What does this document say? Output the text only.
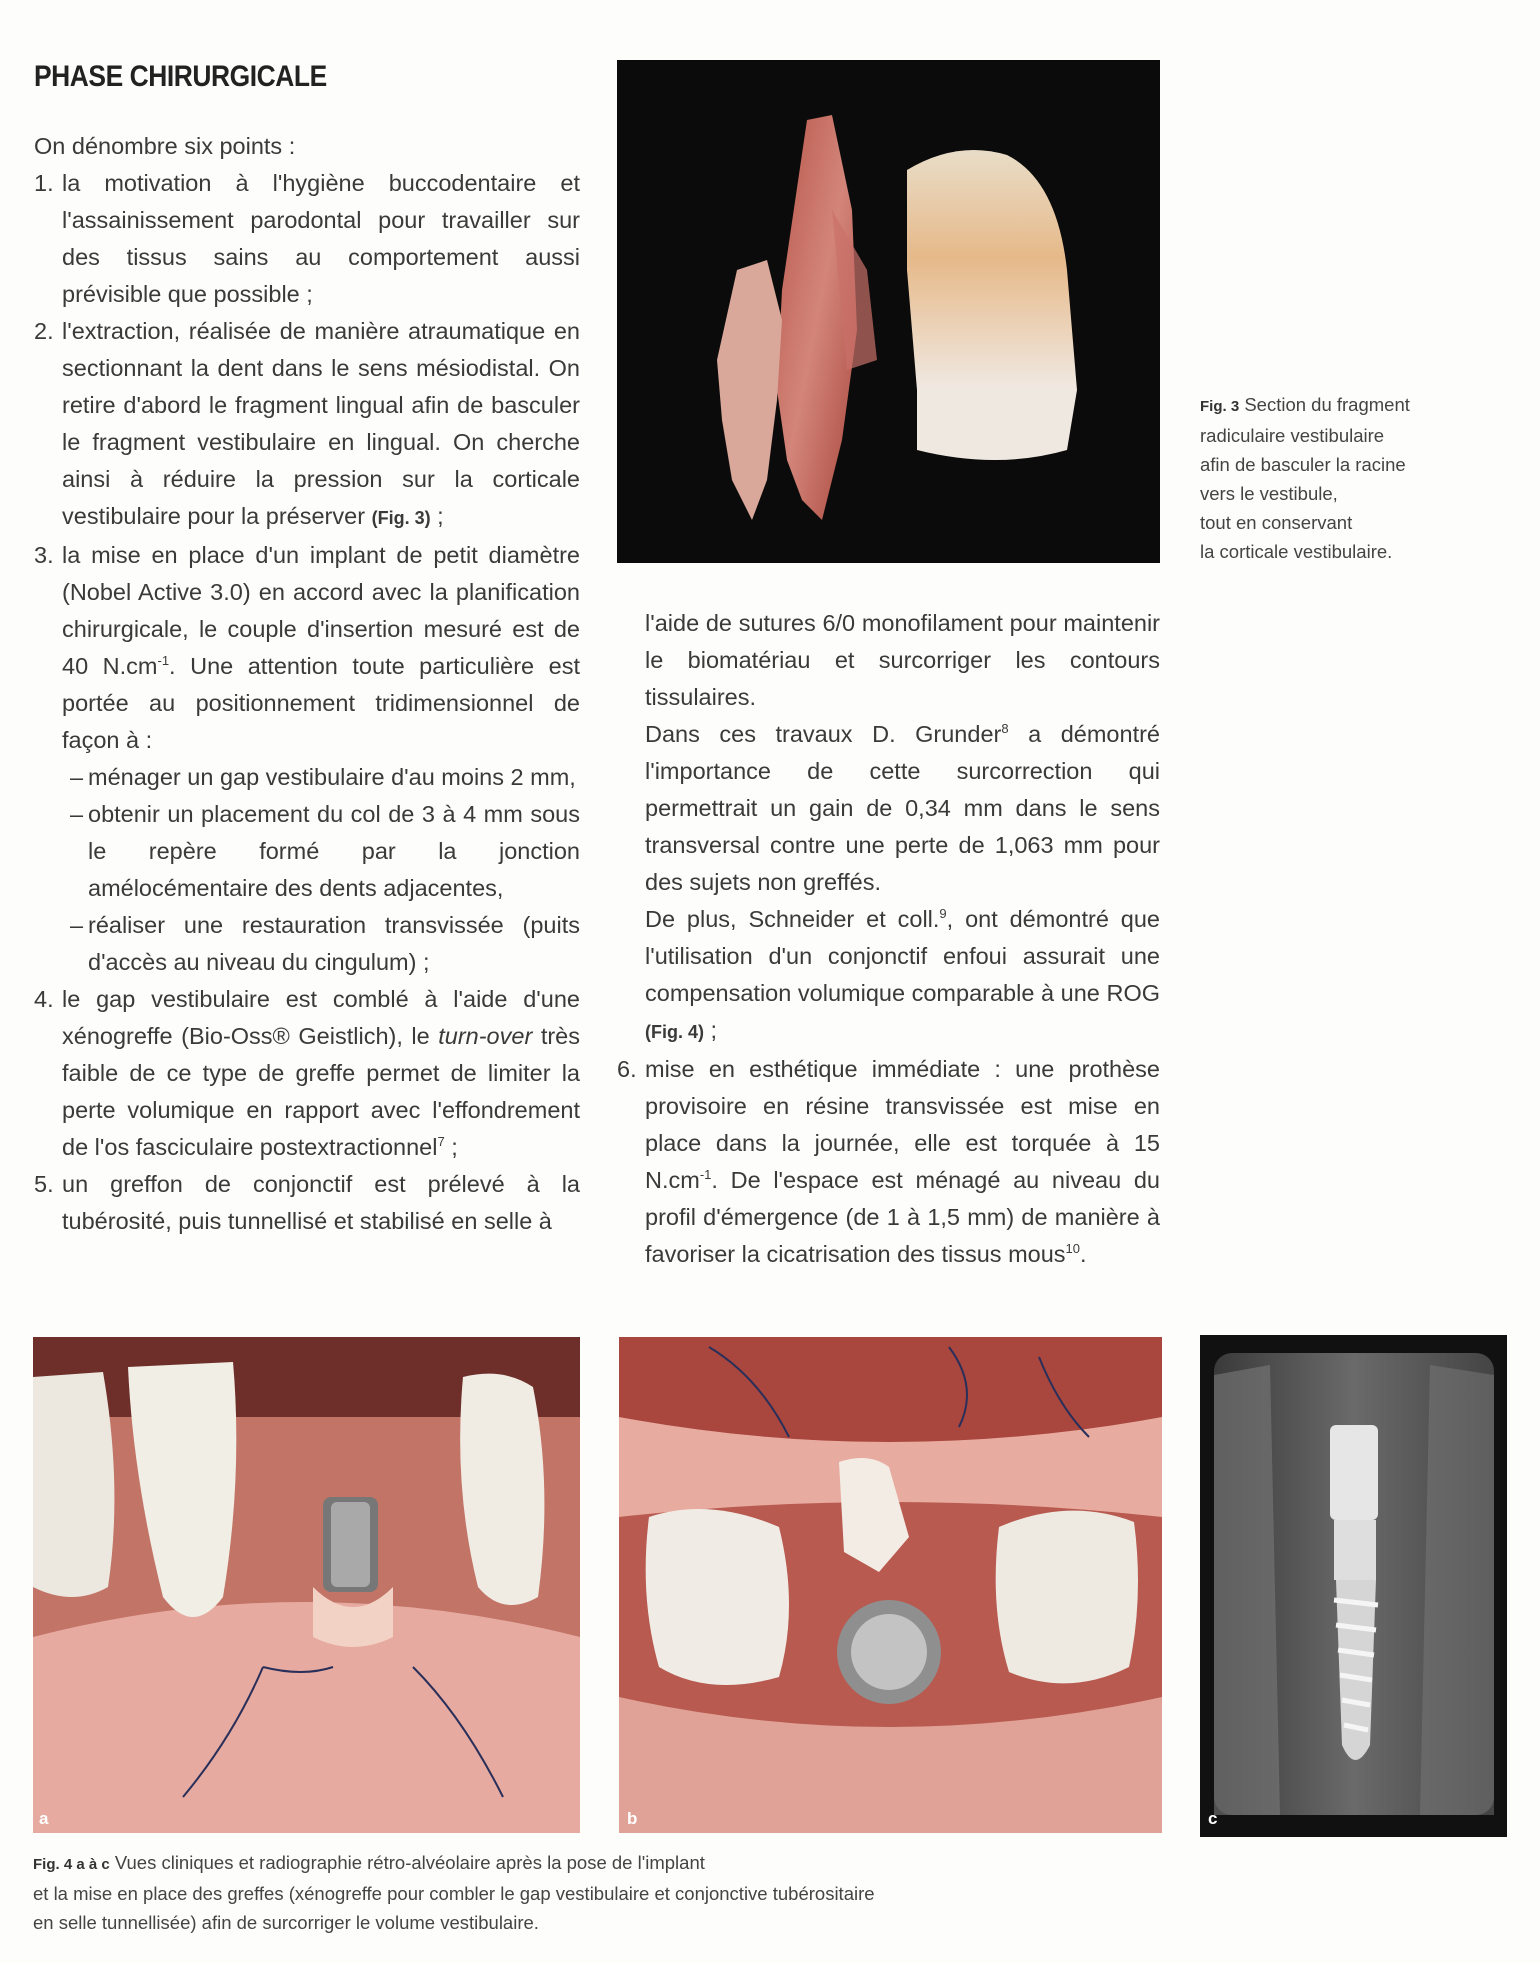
PHASE CHIRURGICALE

On dénombre six points :

1. la motivation à l'hygiène buccodentaire et l'assainissement parodontal pour travailler sur des tissus sains au comportement aussi prévisible que possible ;
2. l'extraction, réalisée de manière atraumatique en sectionnant la dent dans le sens mésiodistal. On retire d'abord le fragment lingual afin de basculer le fragment vestibulaire en lingual. On cherche ainsi à réduire la pression sur la corticale vestibulaire pour la préserver (Fig. 3) ;
3. la mise en place d'un implant de petit diamètre (Nobel Active 3.0) en accord avec la planification chirurgicale, le couple d'insertion mesuré est de 40 $N.cm^{-1}$. Une attention toute particulière est portée au positionnement tridimensionnel de façon à :
– ménager un gap vestibulaire d'au moins 2 mm,
– obtenir un placement du col de 3 à 4 mm sous le repère formé par la jonction amélocémentaire des dents adjacentes,
– réaliser une restauration transvissée (puits d'accès au niveau du cingulum) ;
4. le gap vestibulaire est comblé à l'aide d'une xénogreffe (Bio-Oss® Geistlich), le turn-over très faible de ce type de greffe permet de limiter la perte volumique en rapport avec l'effondrement de l'os fasciculaire postextractionnel$^7$ ;
5. un greffon de conjonctif est prélevé à la tubérosité, puis tunnellisé et stabilisé en selle à
Fig. 3 Section du fragment
radiculaire vestibulaire
afin de basculer la racine
vers le vestibule,
tout en conservant
la corticale vestibulaire.

l'aide de sutures 6/0 monofilament pour maintenir le biomatériau et surcorriger les contours tissulaires.

Dans ces travaux D. Grunder$^8$ a démontré l'importance de cette surcorrection qui permettrait un gain de 0,34 mm dans le sens transversal contre une perte de 1,063 mm pour des sujets non greffés.

De plus, Schneider et coll.$^9$, ont démontré que l'utilisation d'un conjonctif enfoui assurait une compensation volumique comparable à une ROG (Fig. 4) ;

6. mise en esthétique immédiate : une prothèse provisoire en résine transvissée est mise en place dans la journée, elle est torquée à 15 $N.cm^{-1}$. De l'espace est ménagé au niveau du profil d'émergence (de 1 à 1,5 mm) de manière à favoriser la cicatrisation des tissus mous$^{10}$.
a	b	c
Fig. 4 a à c Vues cliniques et radiographie rétro-alvéolaire après la pose de l'implant
et la mise en place des greffes (xénogreffe pour combler le gap vestibulaire et conjonctive tubérositaire
en selle tunnellisée) afin de surcorriger le volume vestibulaire.
